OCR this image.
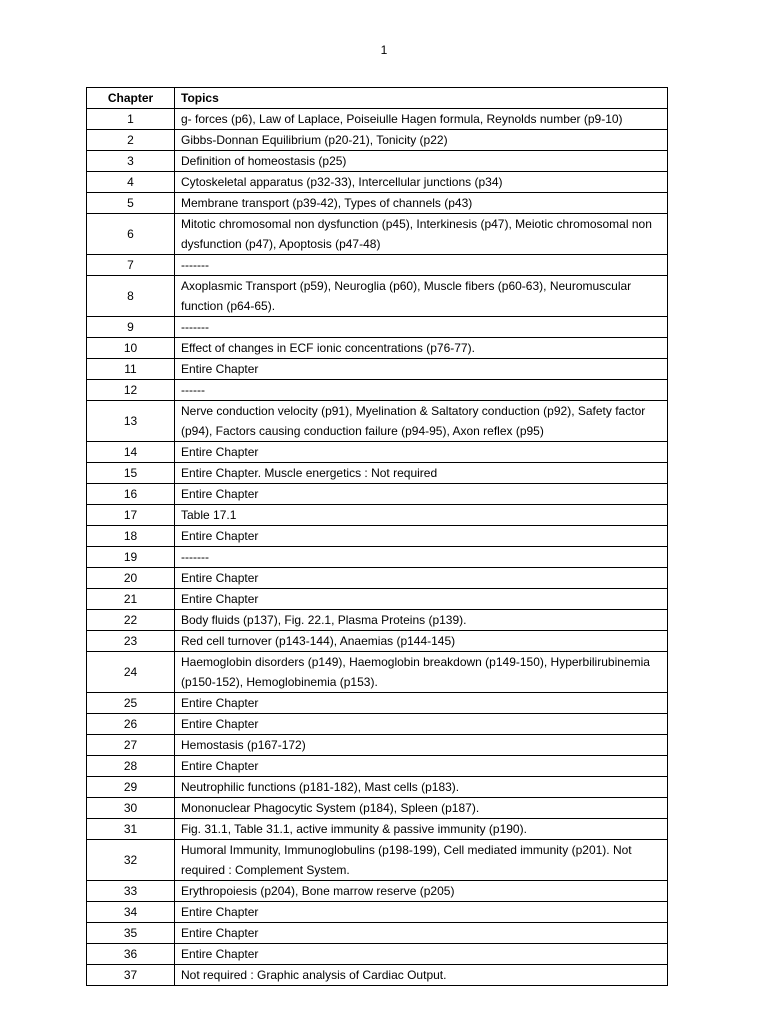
1
Chapter	Topics
1	g- forces (p6), Law of Laplace, Poiseiulle Hagen formula, Reynolds number (p9-10)
2	Gibbs-Donnan Equilibrium (p20-21), Tonicity (p22)
3	Definition of homeostasis (p25)
4	Cytoskeletal apparatus (p32-33), Intercellular junctions (p34)
5	Membrane transport (p39-42), Types of channels (p43)
6	Mitotic chromosomal non dysfunction (p45), Interkinesis (p47), Meiotic chromosomal non dysfunction (p47), Apoptosis (p47-48)
7	-------
8	Axoplasmic Transport (p59), Neuroglia (p60), Muscle fibers (p60-63), Neuromuscular function (p64-65).
9	-------
10	Effect of changes in ECF ionic concentrations (p76-77).
11	Entire Chapter
12	------
13	Nerve conduction velocity (p91), Myelination & Saltatory conduction (p92), Safety factor (p94), Factors causing conduction failure (p94-95), Axon reflex (p95)
14	Entire Chapter
15	Entire Chapter. Muscle energetics : Not required
16	Entire Chapter
17	Table 17.1
18	Entire Chapter
19	-------
20	Entire Chapter
21	Entire Chapter
22	Body fluids (p137), Fig. 22.1, Plasma Proteins (p139).
23	Red cell turnover (p143-144), Anaemias (p144-145)
24	Haemoglobin disorders (p149), Haemoglobin breakdown (p149-150), Hyperbilirubinemia (p150-152), Hemoglobinemia (p153).
25	Entire Chapter
26	Entire Chapter
27	Hemostasis (p167-172)
28	Entire Chapter
29	Neutrophilic functions (p181-182), Mast cells (p183).
30	Mononuclear Phagocytic System (p184), Spleen (p187).
31	Fig. 31.1, Table 31.1, active immunity & passive immunity (p190).
32	Humoral Immunity, Immunoglobulins (p198-199), Cell mediated immunity (p201). Not required : Complement System.
33	Erythropoiesis (p204), Bone marrow reserve (p205)
34	Entire Chapter
35	Entire Chapter
36	Entire Chapter
37	Not required : Graphic analysis of Cardiac Output.
